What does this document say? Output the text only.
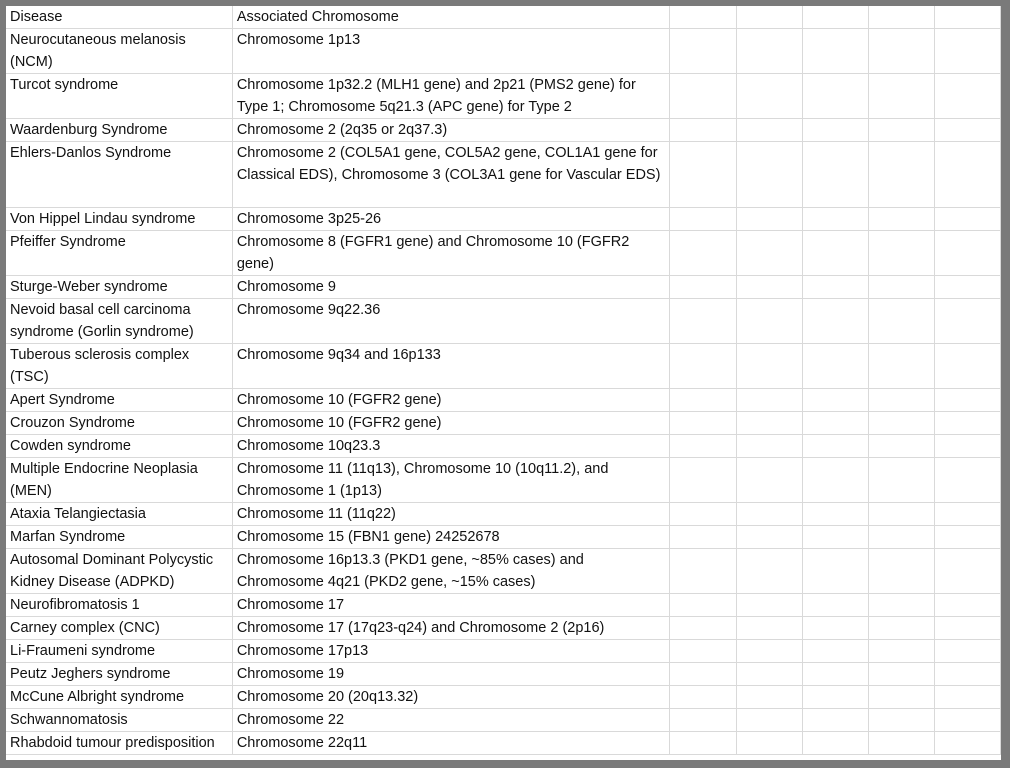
Disease	Associated Chromosome					
Neurocutaneous melanosis (NCM)	Chromosome 1p13					
Turcot syndrome	Chromosome 1p32.2 (MLH1 gene) and 2p21 (PMS2 gene) for Type 1; Chromosome 5q21.3 (APC gene) for Type 2					
Waardenburg Syndrome	Chromosome 2 (2q35 or 2q37.3)					
Ehlers-Danlos Syndrome	Chromosome 2 (COL5A1 gene, COL5A2 gene, COL1A1 gene for Classical EDS), Chromosome 3 (COL3A1 gene for Vascular EDS)					
Von Hippel Lindau syndrome	Chromosome 3p25-26					
Pfeiffer Syndrome	Chromosome 8 (FGFR1 gene) and Chromosome 10 (FGFR2 gene)					
Sturge-Weber syndrome	Chromosome 9					
Nevoid basal cell carcinoma syndrome (Gorlin syndrome)	Chromosome 9q22.36					
Tuberous sclerosis complex (TSC)	Chromosome 9q34 and 16p133					
Apert Syndrome	Chromosome 10 (FGFR2 gene)					
Crouzon Syndrome	Chromosome 10 (FGFR2 gene)					
Cowden syndrome	Chromosome 10q23.3					
Multiple Endocrine Neoplasia (MEN)	Chromosome 11 (11q13), Chromosome 10 (10q11.2), and Chromosome 1 (1p13)					
Ataxia Telangiectasia	Chromosome 11 (11q22)					
Marfan Syndrome	Chromosome 15 (FBN1 gene) 24252678					
Autosomal Dominant Polycystic Kidney Disease (ADPKD)	Chromosome 16p13.3 (PKD1 gene, ~85% cases) and Chromosome 4q21 (PKD2 gene, ~15% cases)					
Neurofibromatosis 1	Chromosome 17					
Carney complex (CNC)	Chromosome 17 (17q23-q24) and Chromosome 2 (2p16)					
Li-Fraumeni syndrome	Chromosome 17p13					
Peutz Jeghers syndrome	Chromosome 19					
McCune Albright syndrome	Chromosome 20 (20q13.32)					
Schwannomatosis	Chromosome 22					
Rhabdoid tumour predisposition	Chromosome 22q11					
